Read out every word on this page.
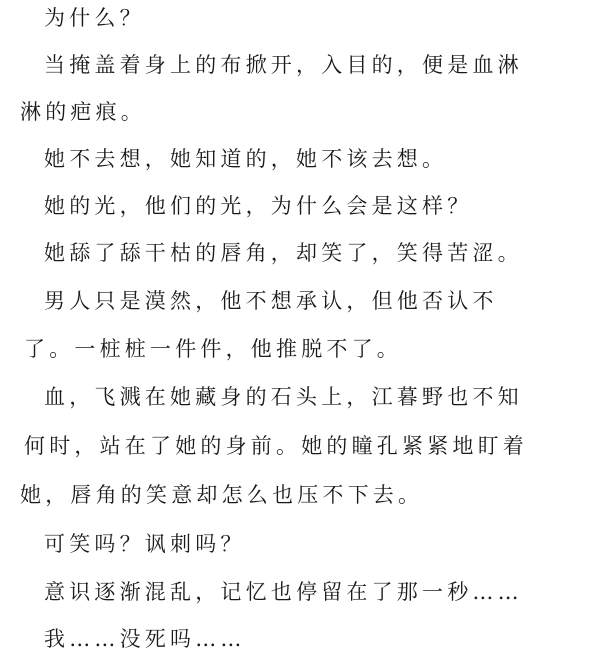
为什么？
当掩盖着身上的布掀开，入目的，便是血淋
淋的疤痕。
她不去想，她知道的，她不该去想。
她的光，他们的光，为什么会是这样？
她舔了舔干枯的唇角，却笑了，笑得苦涩。
男人只是漠然，他不想承认，但他否认不
了。一桩桩一件件，他推脱不了。
血，飞溅在她藏身的石头上，江暮野也不知
何时，站在了她的身前。她的瞳孔紧紧地盯着
她，唇角的笑意却怎么也压不下去。
可笑吗？讽刺吗？
意识逐渐混乱，记忆也停留在了那一秒……
我……没死吗……
